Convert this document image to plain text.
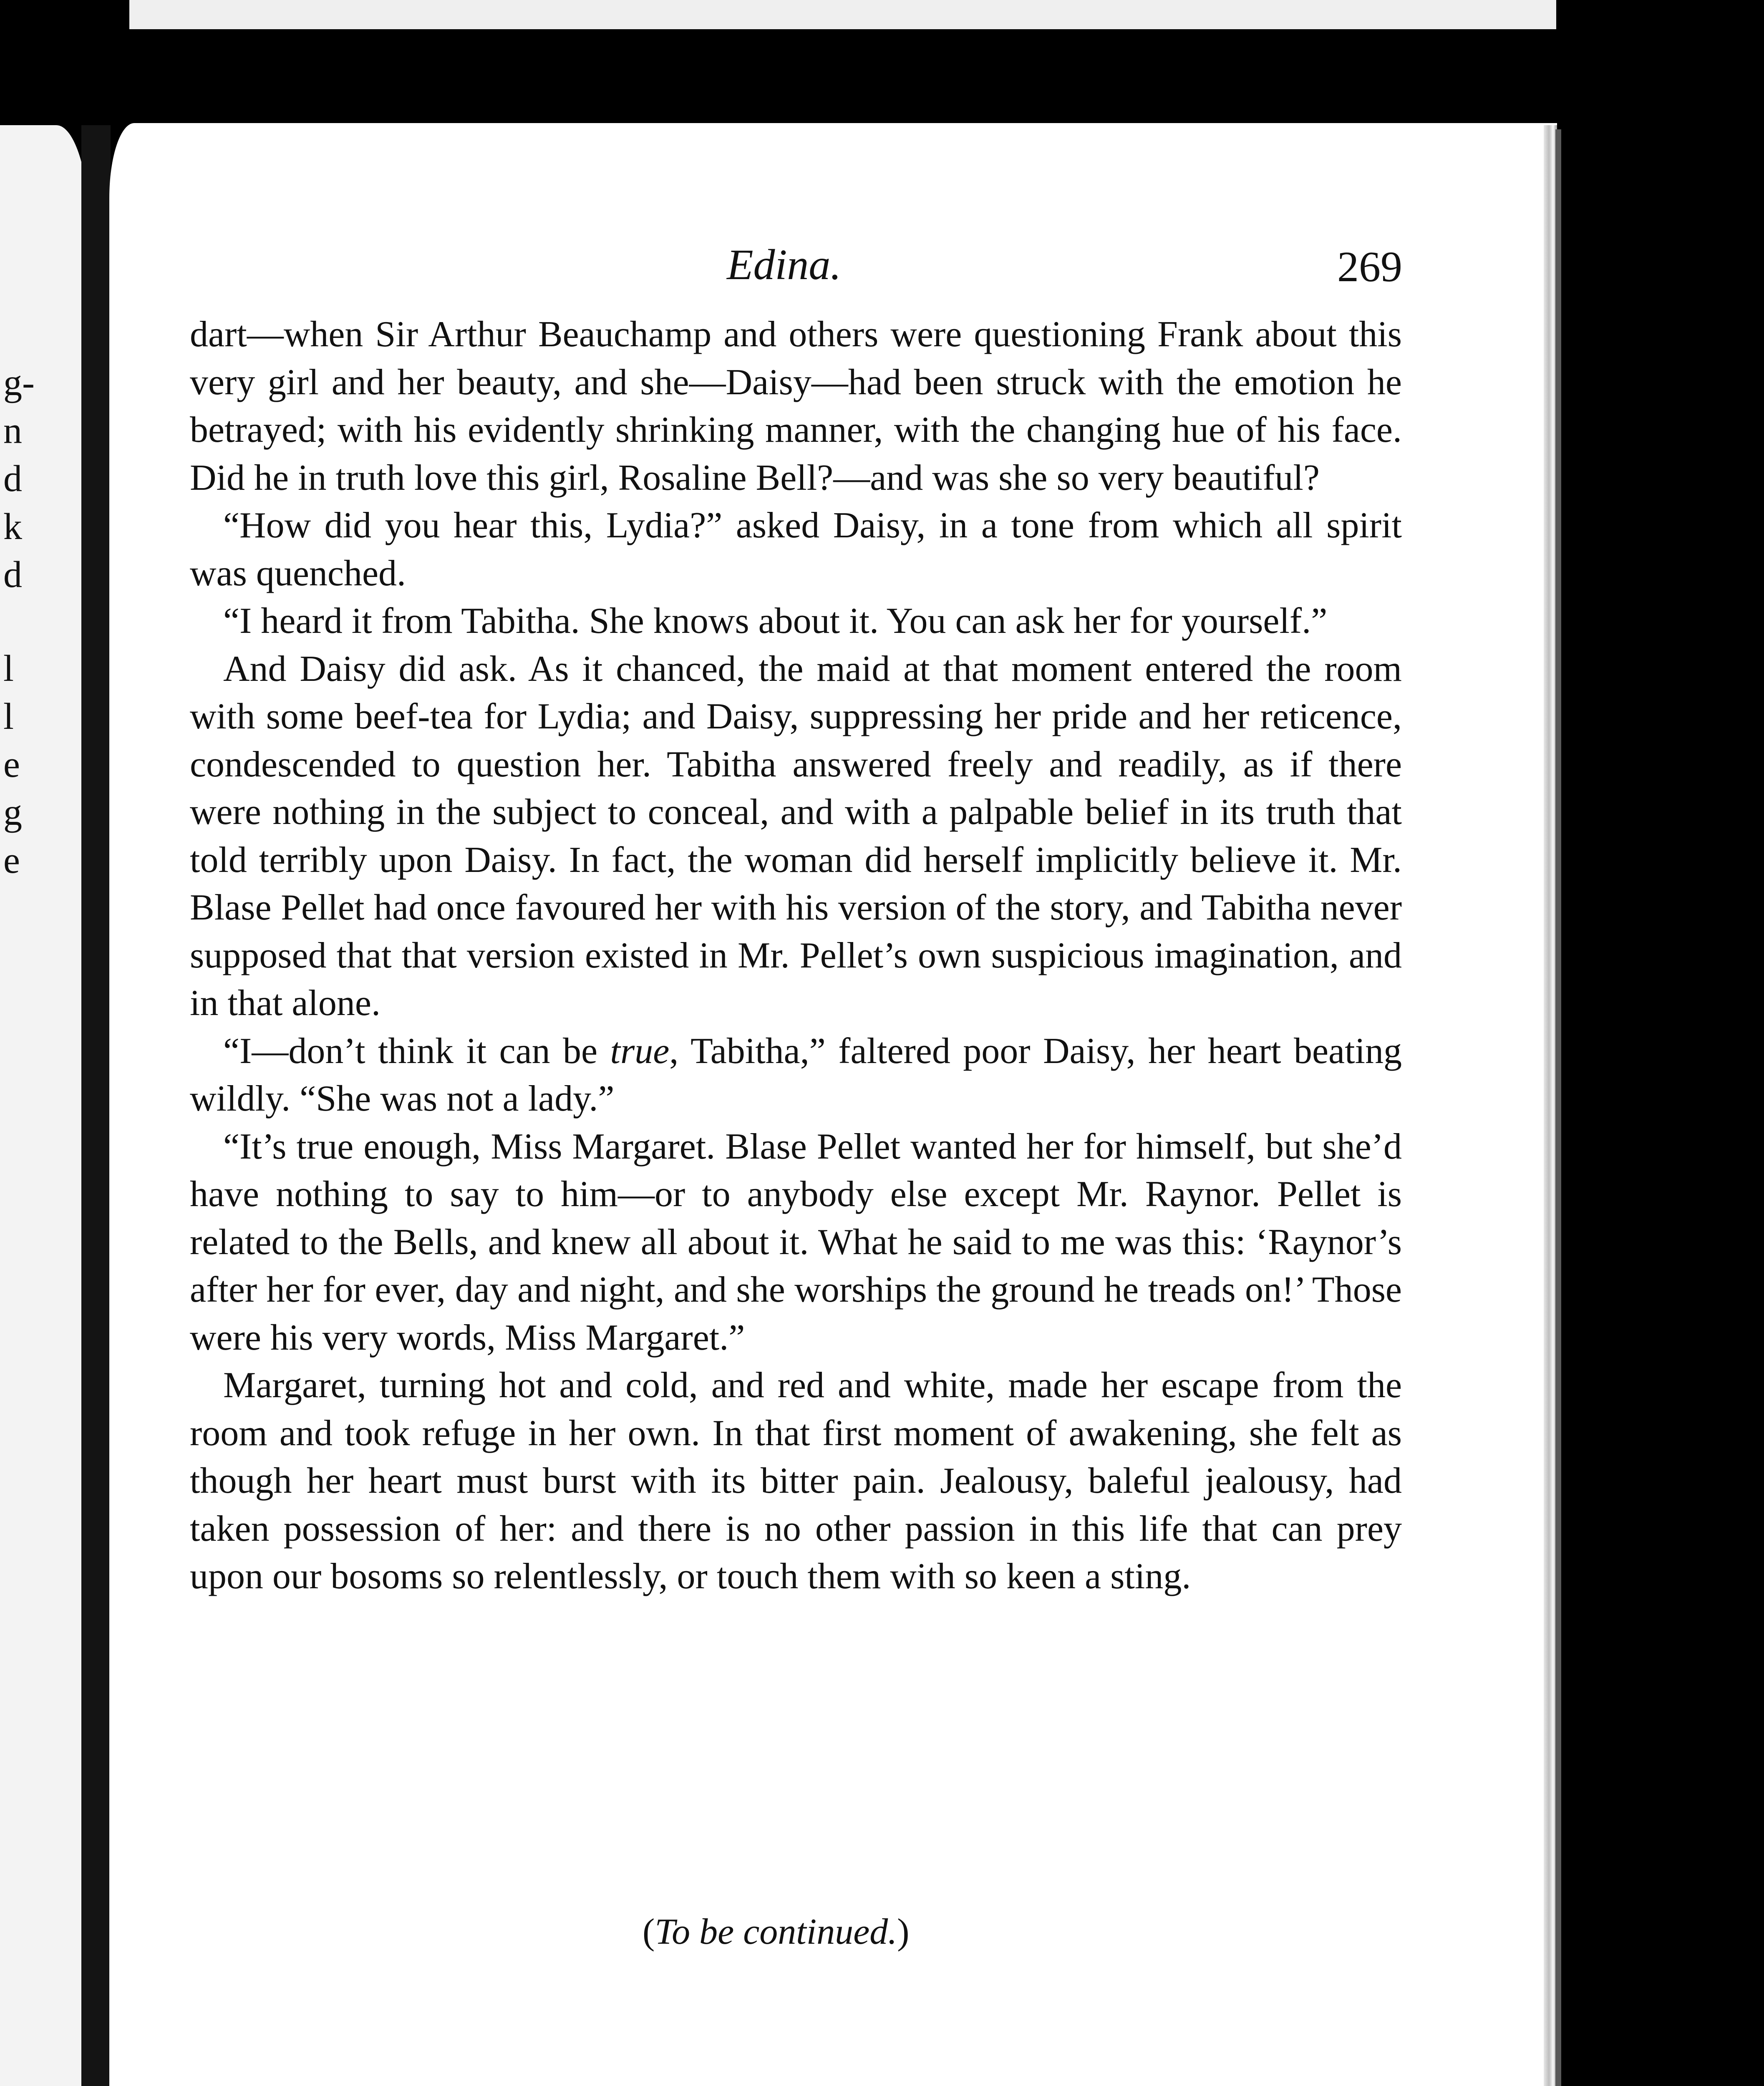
g-
n
d
k
d
l
l
e
g
e
Edina.	269

dart—when Sir Arthur Beauchamp and others were questioning Frank about this very girl and her beauty, and she—Daisy—had been struck with the emotion he betrayed; with his evidently shrinking manner, with the changing hue of his face. Did he in truth love this girl, Rosaline Bell?—and was she so very beautiful?

“How did you hear this, Lydia?” asked Daisy, in a tone from which all spirit was quenched.

“I heard it from Tabitha. She knows about it. You can ask her for yourself.”

And Daisy did ask. As it chanced, the maid at that moment entered the room with some beef-tea for Lydia; and Daisy, suppressing her pride and her reticence, condescended to question her. Tabitha answered freely and readily, as if there were nothing in the subject to conceal, and with a palpable belief in its truth that told terribly upon Daisy. In fact, the woman did herself implicitly believe it. Mr. Blase Pellet had once favoured her with his version of the story, and Tabitha never supposed that that version existed in Mr. Pellet’s own suspicious imagination, and in that alone.

“I—don’t think it can be true, Tabitha,” faltered poor Daisy, her heart beating wildly. “She was not a lady.”

“It’s true enough, Miss Margaret. Blase Pellet wanted her for himself, but she’d have nothing to say to him—or to anybody else except Mr. Raynor. Pellet is related to the Bells, and knew all about it. What he said to me was this: ‘Raynor’s after her for ever, day and night, and she worships the ground he treads on!’ Those were his very words, Miss Margaret.”

Margaret, turning hot and cold, and red and white, made her escape from the room and took refuge in her own. In that first moment of awakening, she felt as though her heart must burst with its bitter pain. Jealousy, baleful jealousy, had taken possession of her: and there is no other passion in this life that can prey upon our bosoms so relentlessly, or touch them with so keen a sting.

(To be continued.)
